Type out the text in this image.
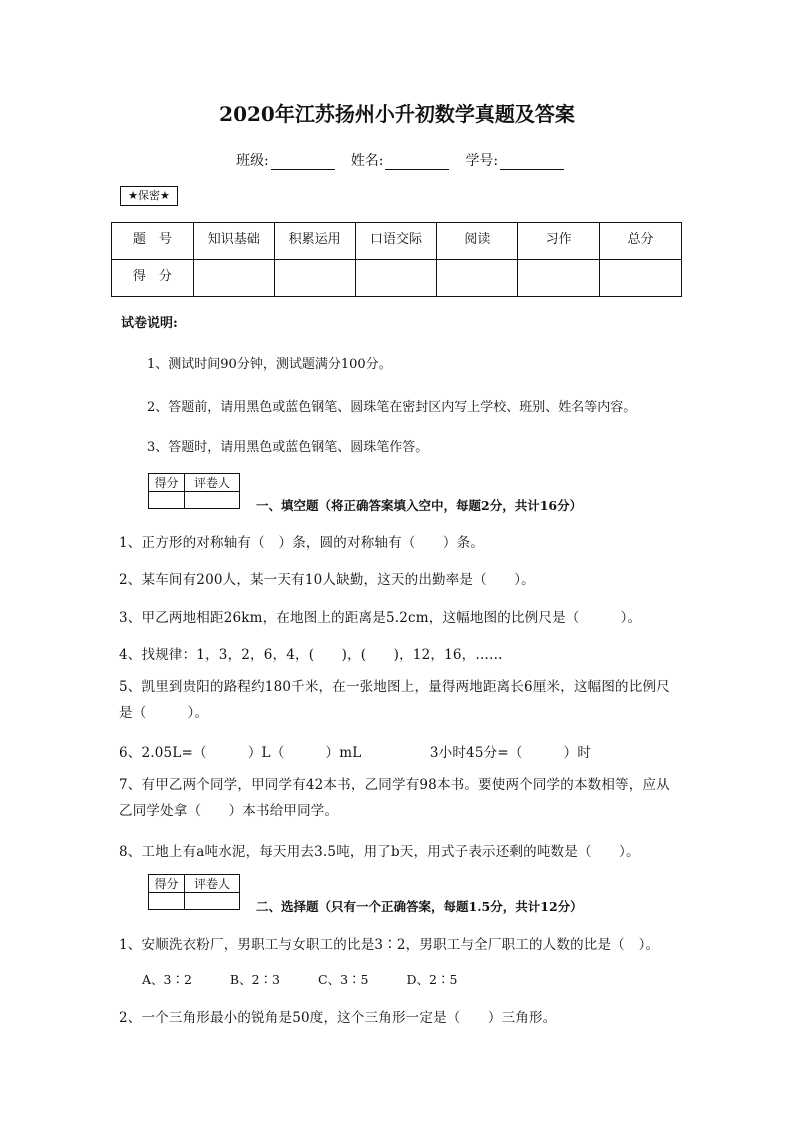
2020年江苏扬州小升初数学真题及答案
班级:	姓名:	学号:
★保密★
题　号	知识基础	积累运用	口语交际	阅读	习作	总分
得　分						
试卷说明:
1、测试时间90分钟，测试题满分100分。
2、答题前，请用黑色或蓝色钢笔、圆珠笔在密封区内写上学校、班别、姓名等内容。
3、答题时，请用黑色或蓝色钢笔、圆珠笔作答。
得分	评卷人

一、填空题（将正确答案填入空中，每题2分，共计16分）
1、正方形的对称轴有（　）条，圆的对称轴有（　　）条。
2、某车间有200人，某一天有10人缺勤，这天的出勤率是（　　）。
3、甲乙两地相距26km，在地图上的距离是5.2cm，这幅地图的比例尺是（　　　）。
4、找规律：1，3，2，6，4，(　　)，(　　)，12，16，……
5、凯里到贵阳的路程约180千米，在一张地图上，量得两地距离长6厘米，这幅图的比例尺是（　　　）。
6、2.05L=（　　　）L（　　　）mL　　　　　3小时45分=（　　　）时
7、有甲乙两个同学，甲同学有42本书，乙同学有98本书。要使两个同学的本数相等，应从乙同学处拿（　　）本书给甲同学。
8、工地上有a吨水泥，每天用去3.5吨，用了b天，用式子表示还剩的吨数是（　　）。
得分	评卷人

二、选择题（只有一个正确答案，每题1.5分，共计12分）
1、安顺洗衣粉厂，男职工与女职工的比是3∶2，男职工与全厂职工的人数的比是（　）。
A、3∶2	B、2∶3	C、3∶5	D、2∶5
2、一个三角形最小的锐角是50度，这个三角形一定是（　　）三角形。
